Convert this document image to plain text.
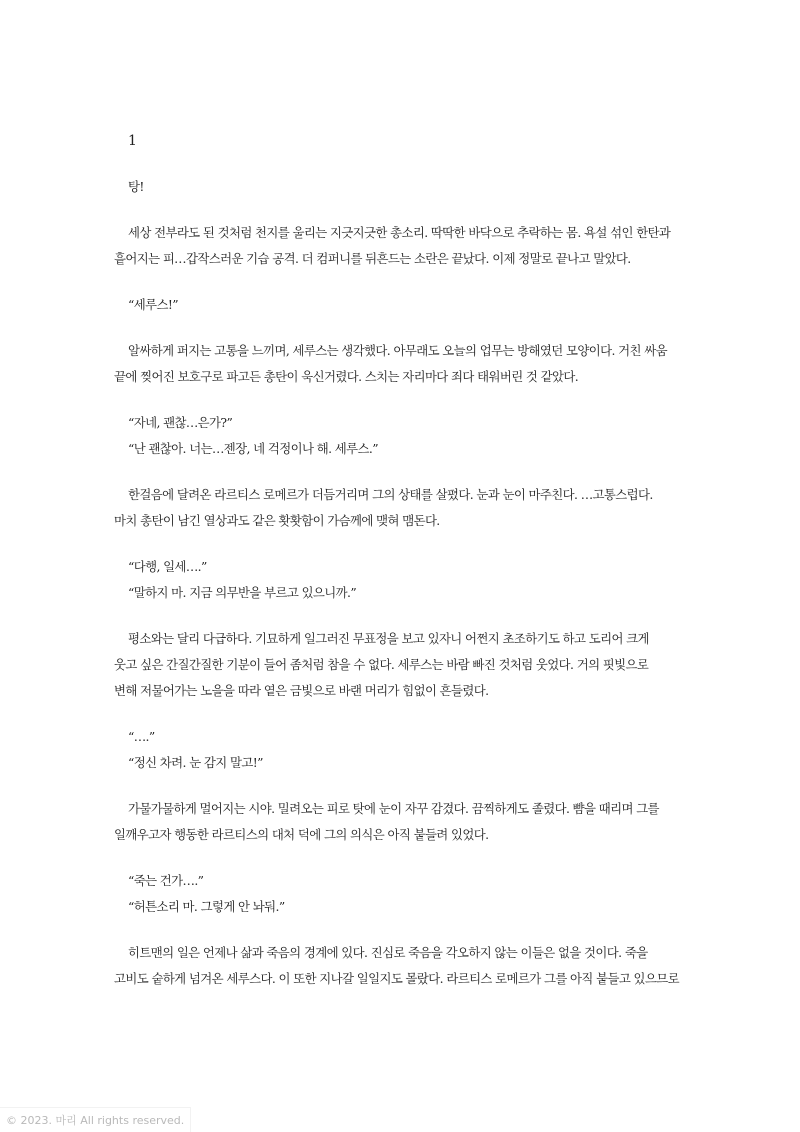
1
탕!
세상 전부라도 된 것처럼 천지를 울리는 지긋지긋한 총소리. 딱딱한 바닥으로 추락하는 몸. 욕설 섞인 한탄과
흩어지는 피…갑작스러운 기습 공격. 더 컴퍼니를 뒤흔드는 소란은 끝났다. 이제 정말로 끝나고 말았다.
“세루스!”
알싸하게 퍼지는 고통을 느끼며, 세루스는 생각했다. 아무래도 오늘의 업무는 방해였던 모양이다. 거친 싸움
끝에 찢어진 보호구로 파고든 총탄이 욱신거렸다. 스치는 자리마다 죄다 태워버린 것 같았다.
“자네, 괜찮…은가?”
“난 괜찮아. 너는…젠장, 네 걱정이나 해. 세루스.”
한걸음에 달려온 라르티스 로메르가 더듬거리며 그의 상태를 살폈다. 눈과 눈이 마주친다. …고통스럽다.
마치 총탄이 남긴 열상과도 같은 홧홧함이 가슴께에 맺혀 맴돈다.
“다행, 일세….”
“말하지 마. 지금 의무반을 부르고 있으니까.”
평소와는 달리 다급하다. 기묘하게 일그러진 무표정을 보고 있자니 어쩐지 초조하기도 하고 도리어 크게
웃고 싶은 간질간질한 기분이 들어 좀처럼 참을 수 없다. 세루스는 바람 빠진 것처럼 웃었다. 거의 핏빛으로
변해 저물어가는 노을을 따라 옅은 금빛으로 바랜 머리가 힘없이 흔들렸다.
“….”
“정신 차려. 눈 감지 말고!”
가물가물하게 멀어지는 시야. 밀려오는 피로 탓에 눈이 자꾸 감겼다. 끔찍하게도 졸렸다. 뺨을 때리며 그를
일깨우고자 행동한 라르티스의 대처 덕에 그의 의식은 아직 붙들려 있었다.
“죽는 건가….”
“허튼소리 마. 그렇게 안 놔둬.”
히트맨의 일은 언제나 삶과 죽음의 경계에 있다. 진심로 죽음을 각오하지 않는 이들은 없을 것이다. 죽을
고비도 숱하게 넘겨온 세루스다. 이 또한 지나갈 일일지도 몰랐다. 라르티스 로메르가 그를 아직 붙들고 있으므로
© 2023. 마리 All rights reserved.
